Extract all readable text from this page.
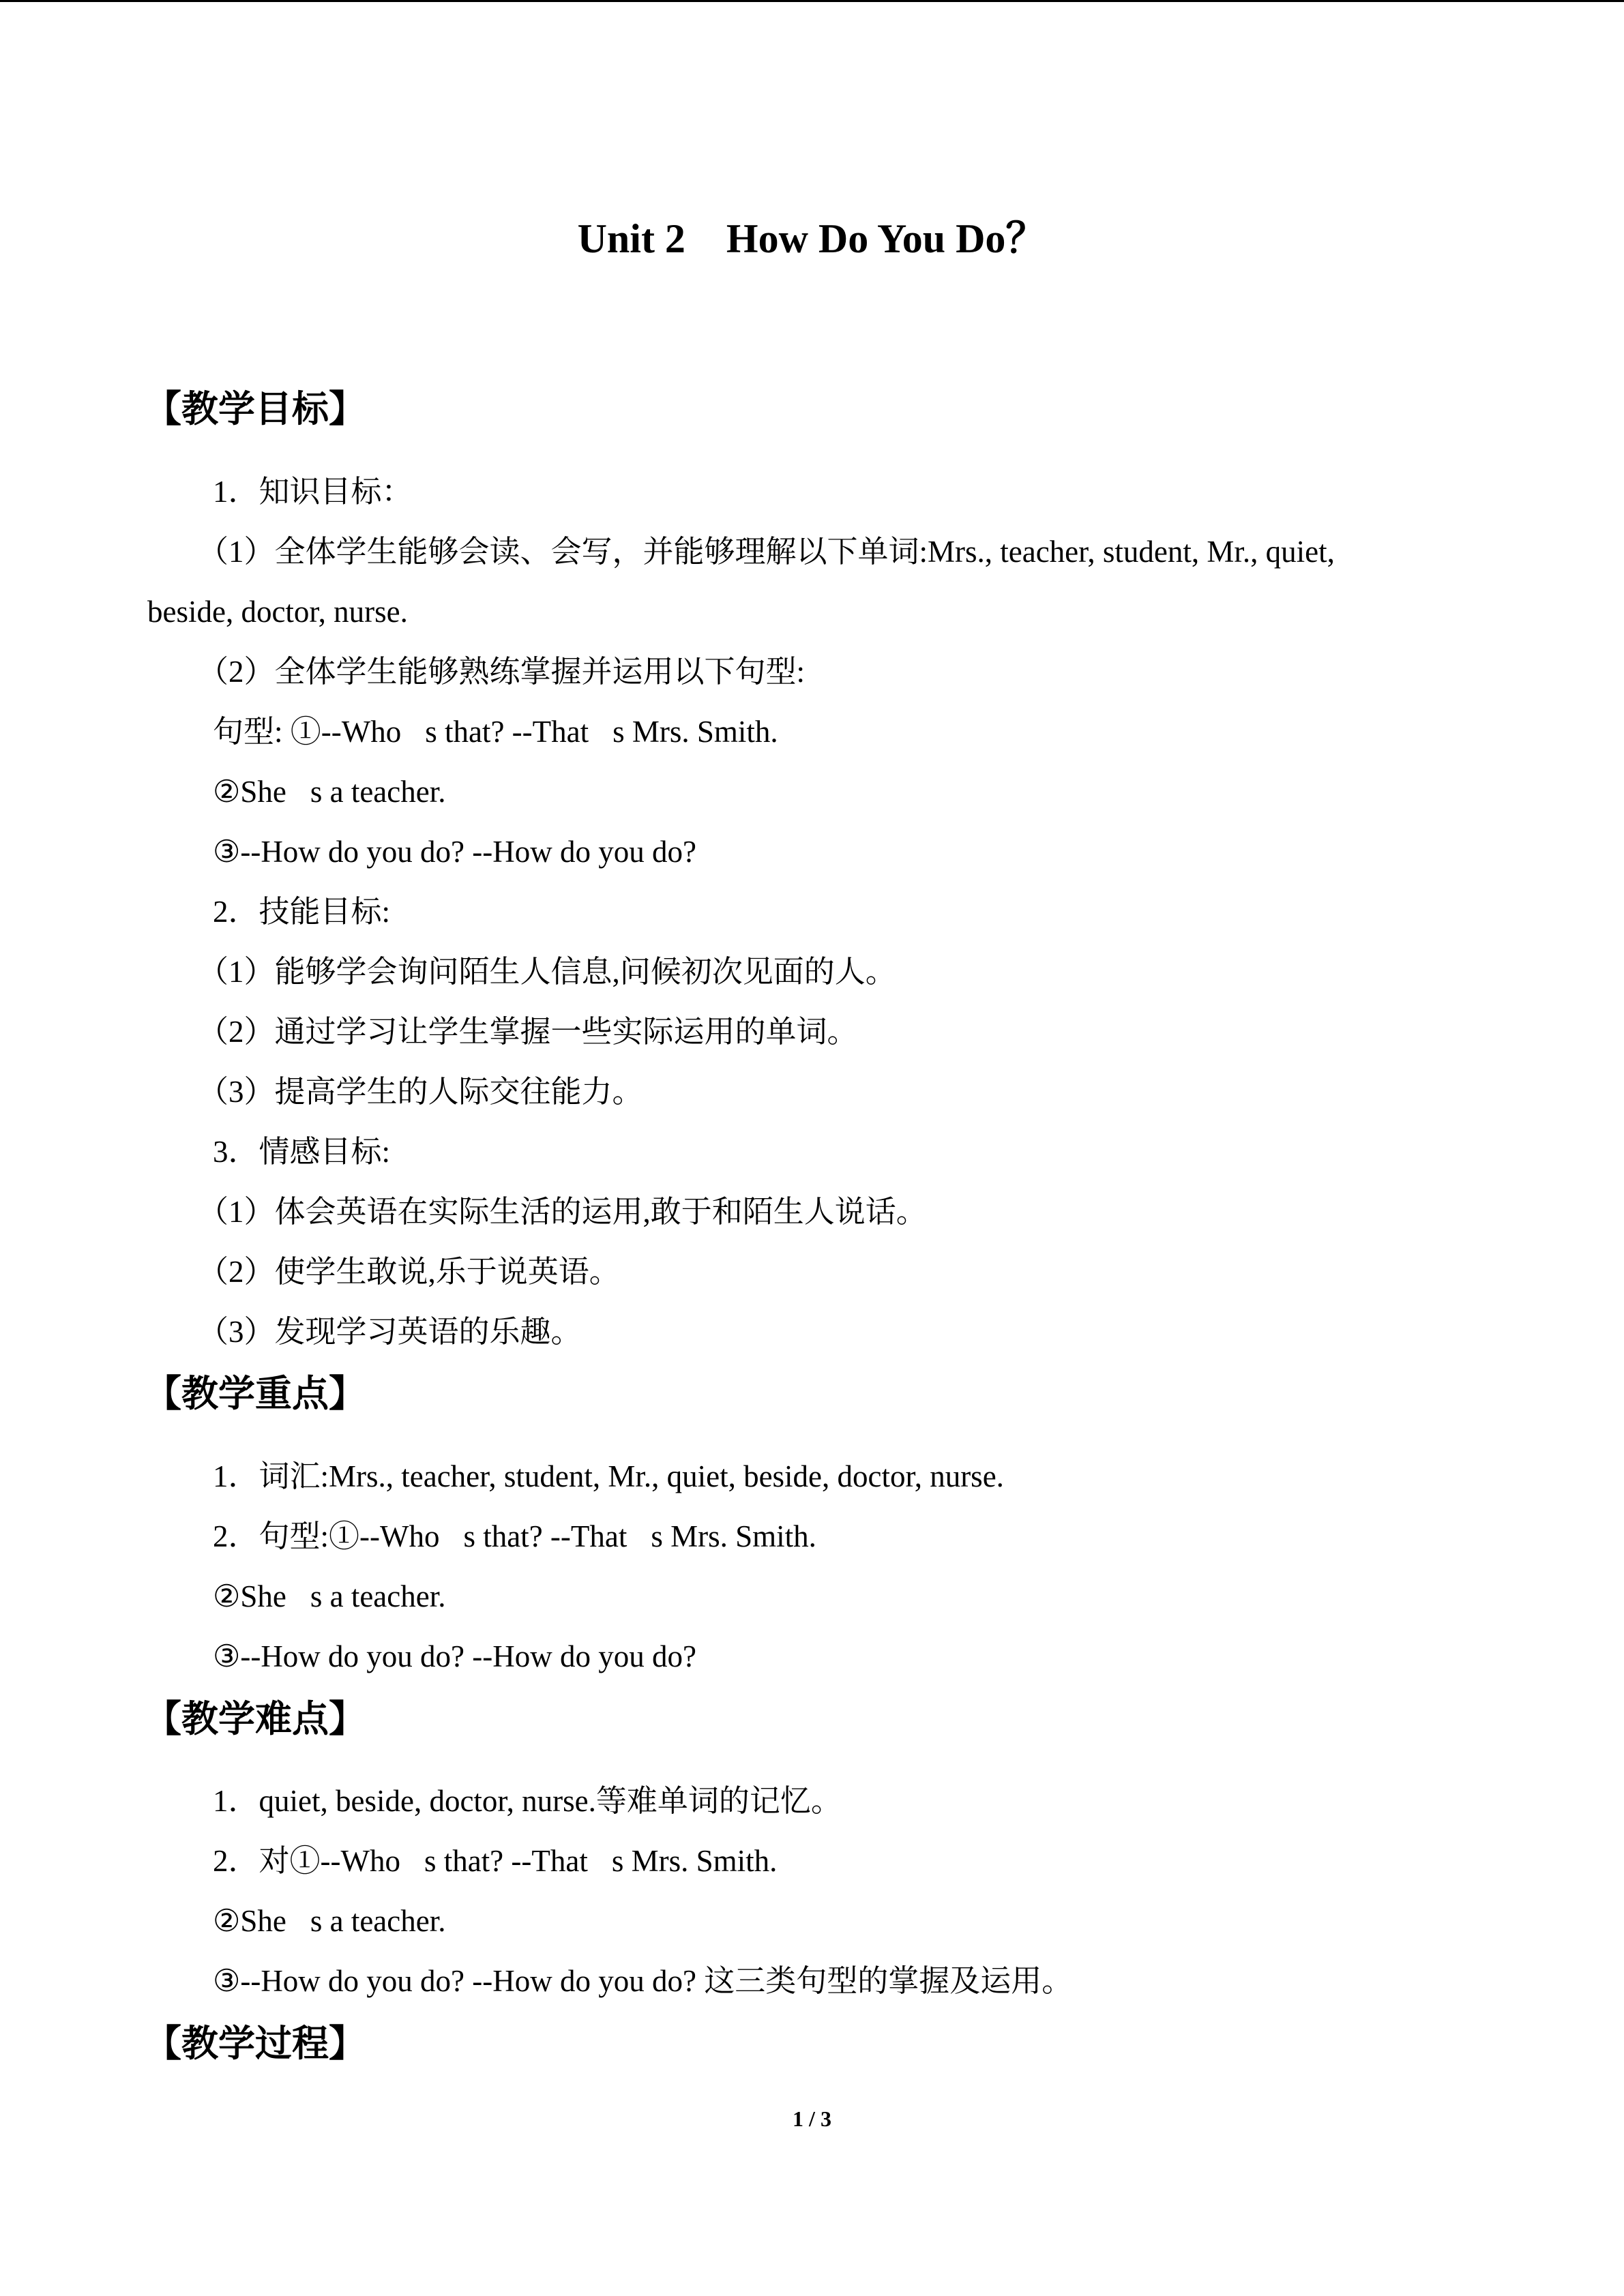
Unit 2　How Do You Do？
【教学目标】
1．知识目标：
（1）全体学生能够会读、会写，并能够理解以下单词:Mrs., teacher, student, Mr., quiet,
beside, doctor, nurse.
（2）全体学生能够熟练掌握并运用以下句型:
句型: ①--Who s that? --That s Mrs. Smith.
②She s a teacher.
③--How do you do? --How do you do?
2．技能目标:
（1）能够学会询问陌生人信息,问候初次见面的人。
（2）通过学习让学生掌握一些实际运用的单词。
（3）提高学生的人际交往能力。
3．情感目标:
（1）体会英语在实际生活的运用,敢于和陌生人说话。
（2）使学生敢说,乐于说英语。
（3）发现学习英语的乐趣。
【教学重点】
1．词汇:Mrs., teacher, student, Mr., quiet, beside, doctor, nurse.
2．句型:①--Who s that? --That s Mrs. Smith.
②She s a teacher.
③--How do you do? --How do you do?
【教学难点】
1．quiet, beside, doctor, nurse.等难单词的记忆。
2．对①--Who s that? --That s Mrs. Smith.
②She s a teacher.
③--How do you do? --How do you do? 这三类句型的掌握及运用。
【教学过程】
1 / 3
